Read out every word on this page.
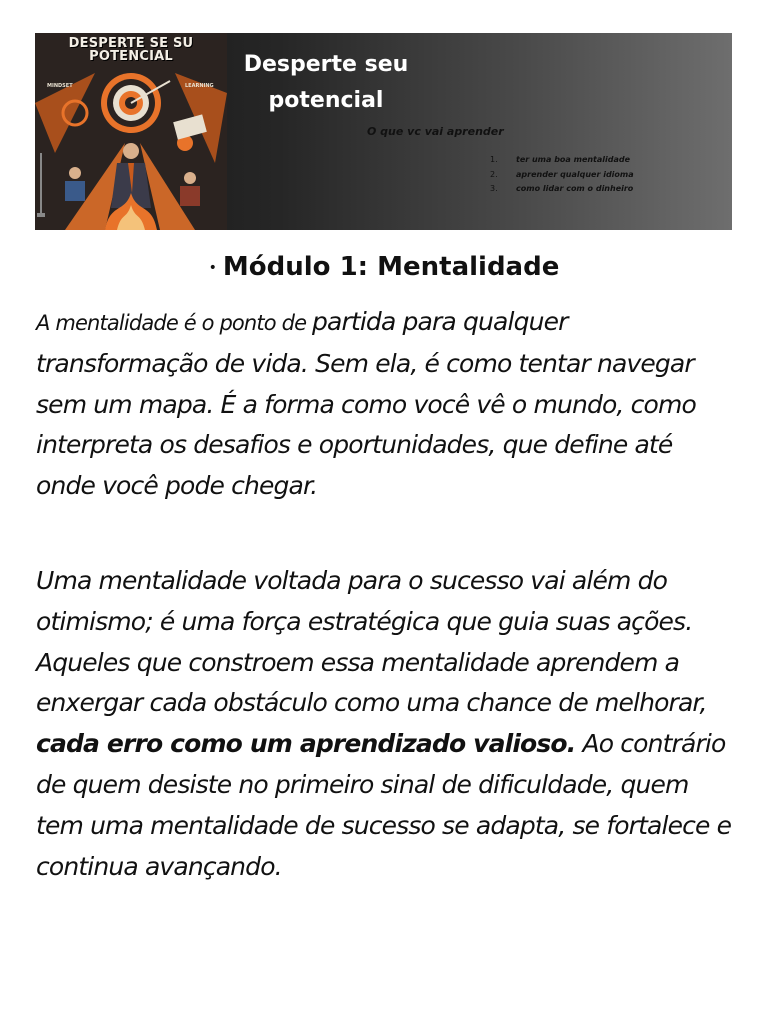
DESPERTE SE SU
POTENCIAL
MINDSET	LEARNING
Desperte seu
potencial

O que vc vai aprender

1. ter uma boa mentalidade
2. aprender qualquer idioma
3. como lidar com o dinheiro
• Módulo 1: Mentalidade

A mentalidade é o ponto de partida para qualquer transformação de vida. Sem ela, é como tentar navegar sem um mapa. É a forma como você vê o mundo, como interpreta os desafios e oportunidades, que define até onde você pode chegar.

Uma mentalidade voltada para o sucesso vai além do otimismo; é uma força estratégica que guia suas ações. Aqueles que constroem essa mentalidade aprendem a enxergar cada obstáculo como uma chance de melhorar, cada erro como um aprendizado valioso. Ao contrário de quem desiste no primeiro sinal de dificuldade, quem tem uma mentalidade de sucesso se adapta, se fortalece e continua avançando.
